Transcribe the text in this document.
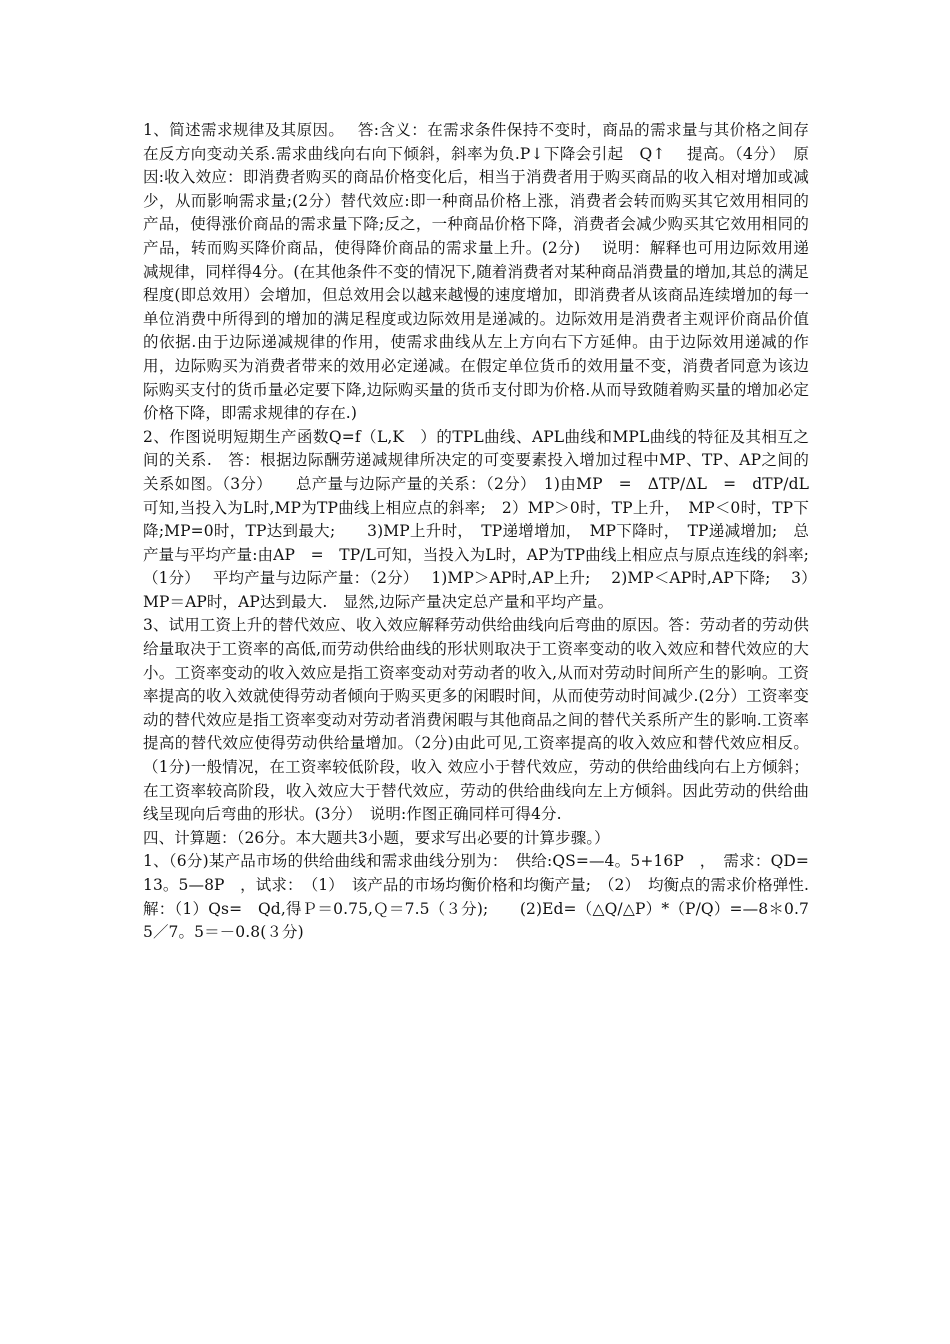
1、简述需求规律及其原因。　 答:含义：在需求条件保持不变时，商品的需求量与其价格之间存在反方向变动关系.需求曲线向右向下倾斜，斜率为负.P↓下降会引起　Q↑　 提高。（4分）　原因:收入效应：即消费者购买的商品价格变化后，相当于消费者用于购买商品的收入相对增加或减少，从而影响需求量;(2分）替代效应:即一种商品价格上涨，消费者会转而购买其它效用相同的产品，使得涨价商品的需求量下降;反之，一种商品价格下降，消费者会减少购买其它效用相同的产品，转而购买降价商品，使得降价商品的需求量上升。(2分)　 说明：解释也可用边际效用递减规律，同样得4分。(在其他条件不变的情况下,随着消费者对某种商品消费量的增加,其总的满足程度(即总效用）会增加，但总效用会以越来越慢的速度增加，即消费者从该商品连续增加的每一单位消费中所得到的增加的满足程度或边际效用是递减的。边际效用是消费者主观评价商品价值的依据.由于边际递减规律的作用，使需求曲线从左上方向右下方延伸。由于边际效用递减的作用，边际购买为消费者带来的效用必定递减。在假定单位货币的效用量不变，消费者同意为该边际购买支付的货币量必定要下降,边际购买量的货币支付即为价格.从而导致随着购买量的增加必定价格下降，即需求规律的存在.)

2、作图说明短期生产函数Q=f（L,K　）的TPL曲线、APL曲线和MPL曲线的特征及其相互之间的关系.　答：根据边际酬劳递减规律所决定的可变要素投入增加过程中MP、TP、AP之间的关系如图。（3分）　　总产量与边际产量的关系：（2分）　1)由MP　=　ΔTP/ΔL　=　dTP/dL可知,当投入为L时,MP为TP曲线上相应点的斜率;　2）MP＞0时，TP上升，　MP＜0时，TP下降;MP=0时，TP达到最大;　　3)MP上升时，　TP递增增加，　MP下降时，　TP递减增加;　总产量与平均产量:由AP　=　TP/L可知，当投入为L时，AP为TP曲线上相应点与原点连线的斜率;（1分）　 平均产量与边际产量：（2分）　 1)MP＞AP时,AP上升;　 2)MP＜AP时,AP下降;　 3）MP＝AP时，AP达到最大.　显然,边际产量决定总产量和平均产量。

3、试用工资上升的替代效应、收入效应解释劳动供给曲线向后弯曲的原因。答：劳动者的劳动供给量取决于工资率的高低,而劳动供给曲线的形状则取决于工资率变动的收入效应和替代效应的大小。工资率变动的收入效应是指工资率变动对劳动者的收入,从而对劳动时间所产生的影响。工资率提高的收入效就使得劳动者倾向于购买更多的闲暇时间，从而使劳动时间减少.(2分）工资率变动的替代效应是指工资率变动对劳动者消费闲暇与其他商品之间的替代关系所产生的影响.工资率提高的替代效应使得劳动供给量增加。（2分)由此可见,工资率提高的收入效应和替代效应相反。（1分)一般情况，在工资率较低阶段，收入 效应小于替代效应，劳动的供给曲线向右上方倾斜；在工资率较高阶段，收入效应大于替代效应，劳动的供给曲线向左上方倾斜。因此劳动的供给曲线呈现向后弯曲的形状。(3分）　说明:作图正确同样可得4分.

四、计算题：（26分。本大题共3小题，要求写出必要的计算步骤。）

1、（6分)某产品市场的供给曲线和需求曲线分别为：　供给:QS=—4。5+16P　，　需求：QD=13。5—8P　，试求：　（1）　该产品的市场均衡价格和均衡产量;　（2）　均衡点的需求价格弹性.　解：（1）Qs=　Qd,得Ｐ＝0.75,Ｑ＝7.5（３分);　　(2)Ed=（△Q/△P）*（P/Q）=—8＊0.75／7。5＝－0.8(３分)
